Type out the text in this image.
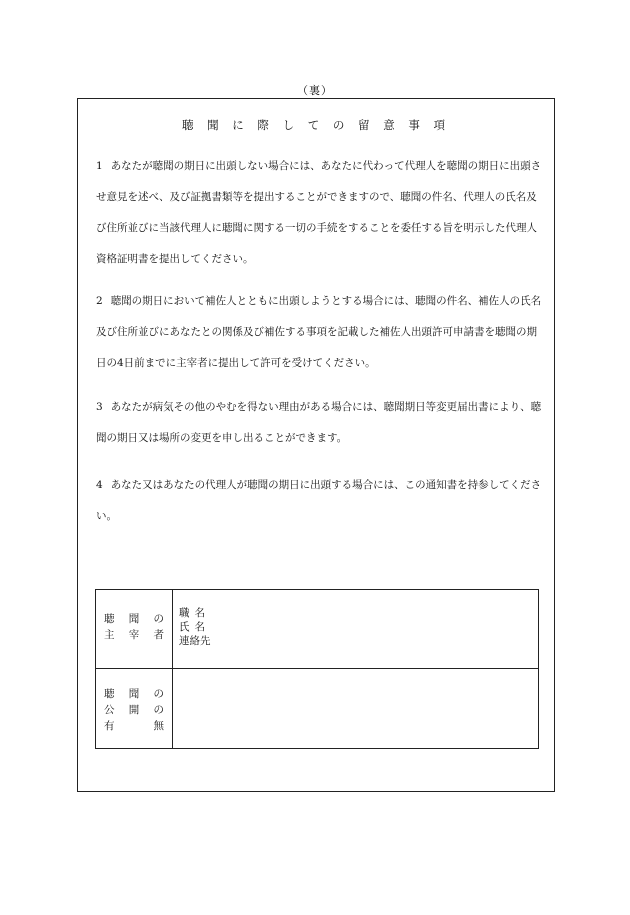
（裏）
聴 聞 に 際 し て の 留 意 事 項
1 あなたが聴聞の期日に出頭しない場合には、あなたに代わって代理人を聴聞の期日に出頭させ意見を述べ、及び証拠書類等を提出することができますので、聴聞の件名、代理人の氏名及び住所並びに当該代理人に聴聞に関する一切の手続をすることを委任する旨を明示した代理人資格証明書を提出してください。
2 聴聞の期日において補佐人とともに出頭しようとする場合には、聴聞の件名、補佐人の氏名及び住所並びにあなたとの関係及び補佐する事項を記載した補佐人出頭許可申請書を聴聞の期日の4日前までに主宰者に提出して許可を受けてください。
3 あなたが病気その他のやむを得ない理由がある場合には、聴聞期日等変更届出書により、聴聞の期日又は場所の変更を申し出ることができます。
4 あなた又はあなたの代理人が聴聞の期日に出頭する場合には、この通知書を持参してください。
聴聞の
主宰者
職名
氏名
連絡先
聴聞の
公開の
有無
